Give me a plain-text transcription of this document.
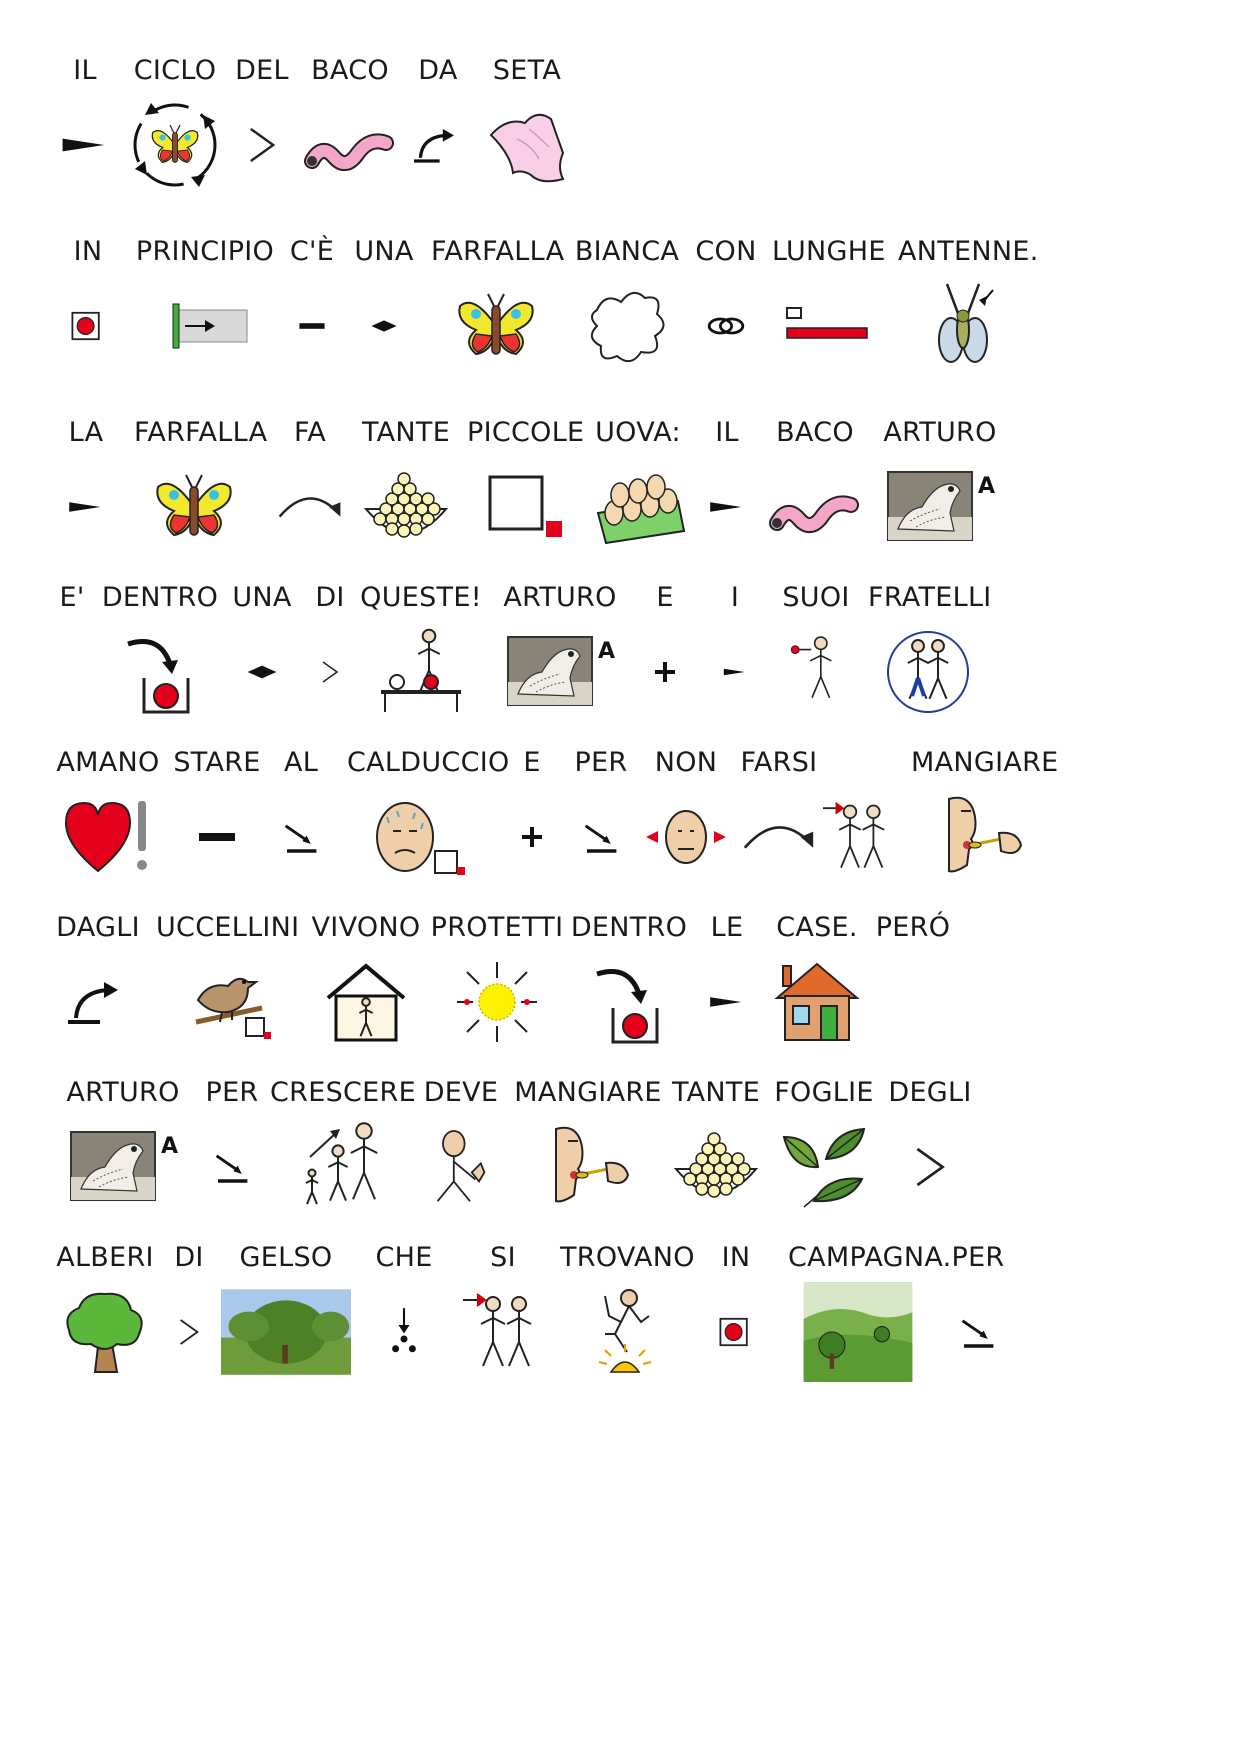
IL	CICLO DEL BACO	DA	SETA
IN	PRINCIPIO C'È UNA FARFALLA BIANCA CON LUNGHE ANTENNE.
LA	FARFALLA FA	TANTE PICCOLE UOVA:	IL	BACO	ARTURO
A
E' DENTRO UNA DI QUESTE! ARTURO
A
E	I	SUOI FRATELLI
AMANO STARE AL	CALDUCCIO E	PER	NON FARSI	MANGIARE
DAGLI UCCELLINI VIVONO PROTETTI DENTRO LE	CASE. PERÓ
ARTURO
A
PER CRESCERE DEVE MANGIARE TANTE FOGLIE DEGLI
ALBERI DI	GELSO	CHE	SI	TROVANO IN	CAMPAGNA. PER
